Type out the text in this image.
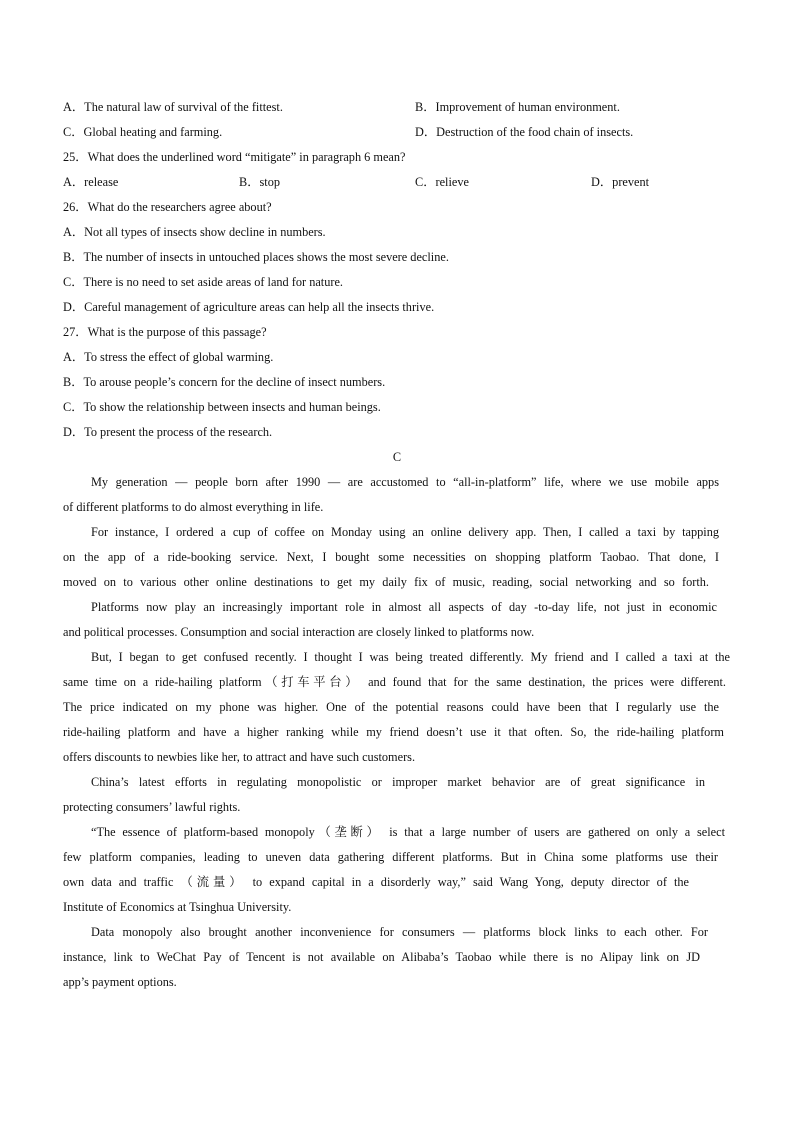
A．The natural law of survival of the fittest.	B．Improvement of human environment.
C．Global heating and farming.	D．Destruction of the food chain of insects.
25．What does the underlined word “mitigate” in paragraph 6 mean?
A．release	B．stop	C．relieve	D．prevent
26．What do the researchers agree about?
A．Not all types of insects show decline in numbers.
B．The number of insects in untouched places shows the most severe decline.
C．There is no need to set aside areas of land for nature.
D．Careful management of agriculture areas can help all the insects thrive.
27．What is the purpose of this passage?
A．To stress the effect of global warming.
B．To arouse people’s concern for the decline of insect numbers.
C．To show the relationship between insects and human beings.
D．To present the process of the research.
C
My generation — people born after 1990 — are accustomed to “all-in-platform” life, where we use mobile apps
of different platforms to do almost everything in life.
For instance, I ordered a cup of coffee on Monday using an online delivery app. Then, I called a taxi by tapping
on the app of a ride-booking service. Next, I bought some necessities on shopping platform Taobao. That done, I
moved on to various other online destinations to get my daily fix of music, reading, social networking and so forth.
Platforms now play an increasingly important role in almost all aspects of day -to-day life, not just in economic
and political processes. Consumption and social interaction are closely linked to platforms now.
But, I began to get confused recently. I thought I was being treated differently. My friend and I called a taxi at the
same time on a ride-hailing platform（打车平台） and found that for the same destination, the prices were different.
The price indicated on my phone was higher. One of the potential reasons could have been that I regularly use the
ride-hailing platform and have a higher ranking while my friend doesn’t use it that often. So, the ride-hailing platform
offers discounts to newbies like her, to attract and have such customers.
China’s latest efforts in regulating monopolistic or improper market behavior are of great significance in
protecting consumers’ lawful rights.
“The essence of platform-based monopoly（垄断） is that a large number of users are gathered on only a select
few platform companies, leading to uneven data gathering different platforms. But in China some platforms use their
own data and traffic （流量） to expand capital in a disorderly way,” said Wang Yong, deputy director of the
Institute of Economics at Tsinghua University.
Data monopoly also brought another inconvenience for consumers — platforms block links to each other. For
instance, link to WeChat Pay of Tencent is not available on Alibaba’s Taobao while there is no Alipay link on JD
app’s payment options.
